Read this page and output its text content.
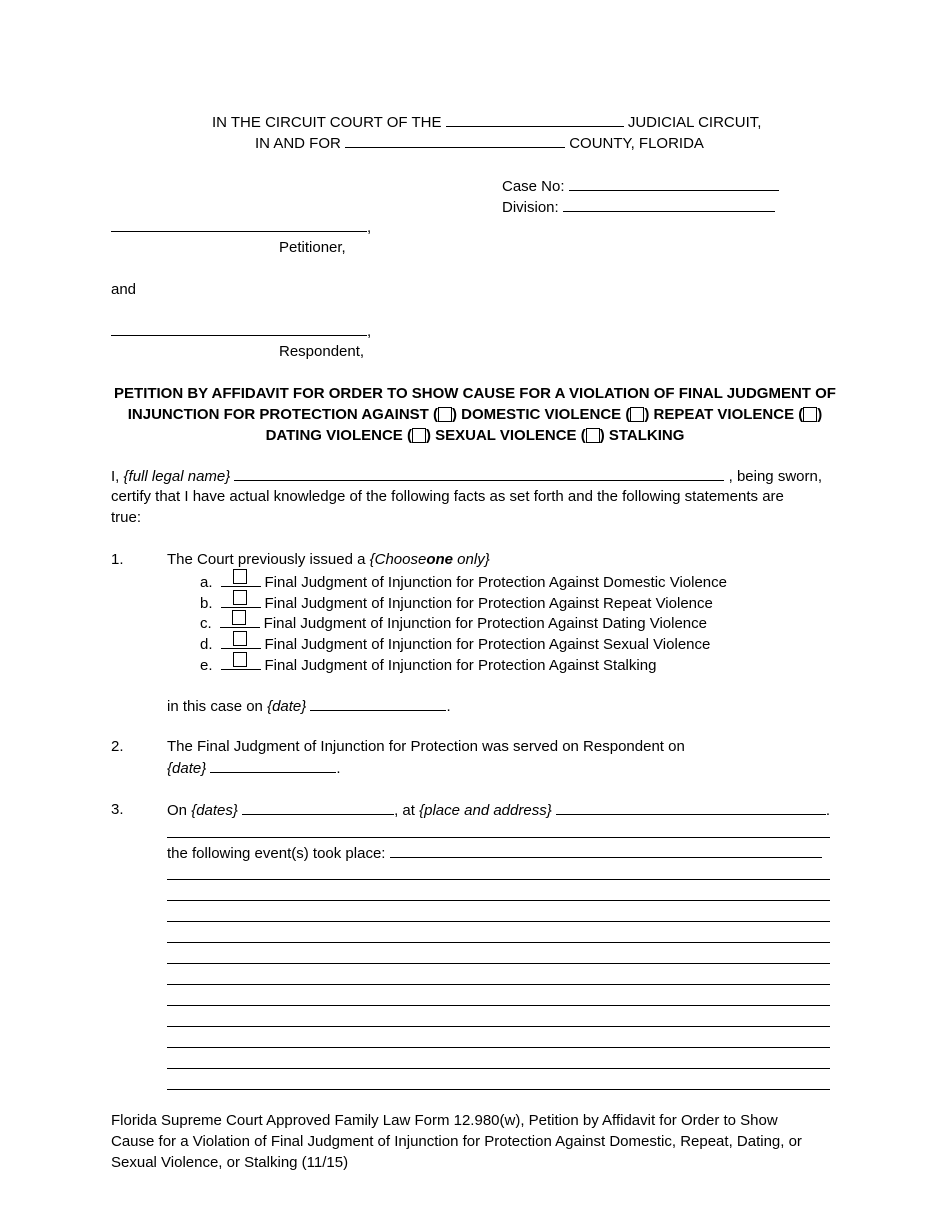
IN THE CIRCUIT COURT OF THE	JUDICIAL CIRCUIT,
IN AND FOR	COUNTY, FLORIDA
Case No:
Division:
,
Petitioner,
and
,
Respondent,
PETITION BY AFFIDAVIT FOR ORDER TO SHOW CAUSE FOR A VIOLATION OF FINAL JUDGMENT OF
INJUNCTION FOR PROTECTION AGAINST ( ) DOMESTIC VIOLENCE ( ) REPEAT VIOLENCE ( )
DATING VIOLENCE ( ) SEXUAL VIOLENCE ( ) STALKING
I, {full legal name}	, being sworn,
certify that I have actual knowledge of the following facts as set forth and the following statements are
true:
1.	The Court previously issued a {Chooseone only}
a.	Final Judgment of Injunction for Protection Against Domestic Violence
b.	Final Judgment of Injunction for Protection Against Repeat Violence
c.	Final Judgment of Injunction for Protection Against Dating Violence
d.	Final Judgment of Injunction for Protection Against Sexual Violence
e.	Final Judgment of Injunction for Protection Against Stalking
in this case on {date}	.
2.	The Final Judgment of Injunction for Protection was served on Respondent on
{date}	.
3.	On {dates}	, at {place and address}	.
the following event(s) took place:
Florida Supreme Court Approved Family Law Form 12.980(w), Petition by Affidavit for Order to Show
Cause for a Violation of Final Judgment of Injunction for Protection Against Domestic, Repeat, Dating, or
Sexual Violence, or Stalking (11/15)
